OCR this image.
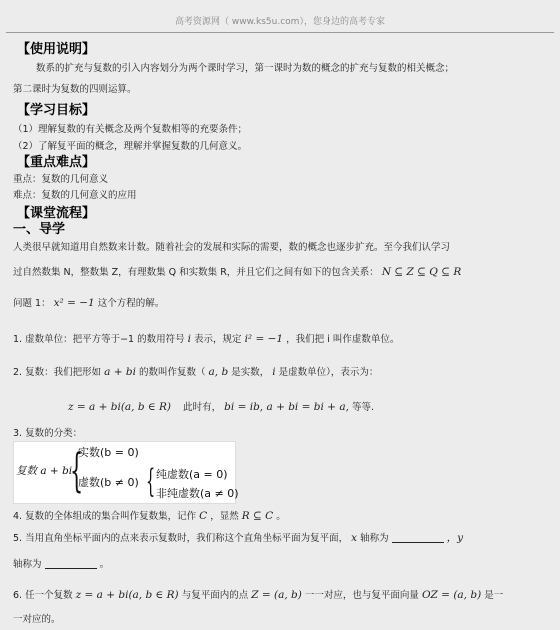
高考资源网（ www.ks5u.com），您身边的高考专家
【使用说明】
数系的扩充与复数的引入内容划分为两个课时学习，第一课时为数的概念的扩充与复数的相关概念；
第二课时为复数的四则运算。
【学习目标】
（1）理解复数的有关概念及两个复数相等的充要条件；
（2）了解复平面的概念，理解并掌握复数的几何意义。
【重点难点】
重点：复数的几何意义
难点：复数的几何意义的应用
【课堂流程】
一、导学
人类很早就知道用自然数来计数。随着社会的发展和实际的需要，数的概念也逐步扩充。至今我们认学习
过自然数集 N，整数集 Z，有理数集 Q 和实数集 R，并且它们之间有如下的包含关系： N ⊆ Z ⊆ Q ⊆ R
问题 1： x² = −1 这个方程的解。
1. 虚数单位：把平方等于−1 的数用符号 i 表示，规定 i² = −1 ，我们把 i 叫作虚数单位。
2. 复数：我们把形如 a + bi 的数叫作复数（ a, b 是实数， i 是虚数单位），表示为：
z = a + bi(a, b ∈ R) 此时有， bi = ib, a + bi = bi + a, 等等.
3. 复数的分类：
复数 a + bi
{
实数(b = 0)
虚数(b ≠ 0) { 纯虚数(a = 0)
非纯虚数(a ≠ 0)
4. 复数的全体组成的集合叫作复数集，记作 C ，显然 R ⊆ C 。
5. 当用直角坐标平面内的点来表示复数时，我们称这个直角坐标平面为复平面， x 轴称为	，y
轴称为	。
6. 任一个复数 z = a + bi(a, b ∈ R) 与复平面内的点 Z = (a, b) 一一对应，也与复平面向量 OZ = (a, b) 是一
一对应的。
